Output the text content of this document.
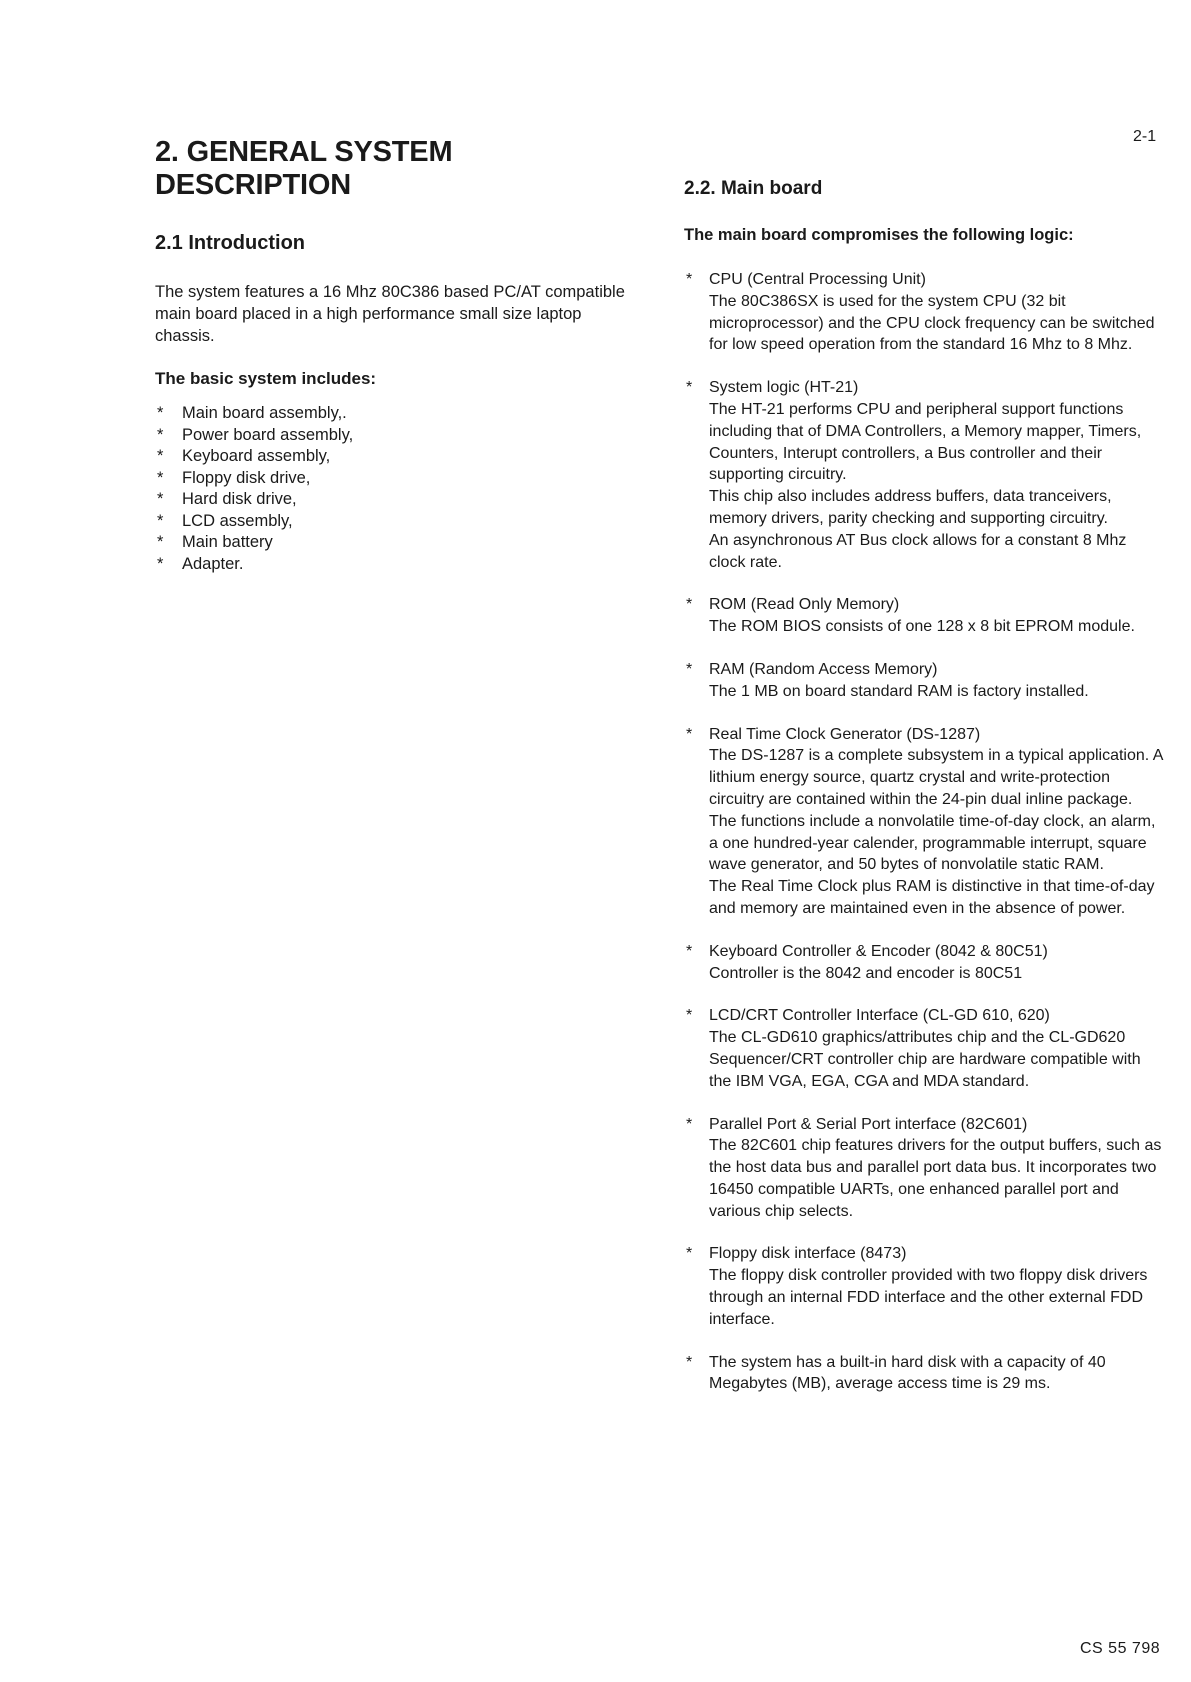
2-1
2. GENERAL SYSTEM DESCRIPTION
2.1 Introduction

The system features a 16 Mhz 80C386 based PC/AT compatible main board placed in a high performance small size laptop chassis.

The basic system includes:
* Main board assembly,.
* Power board assembly,
* Keyboard assembly,
* Floppy disk drive,
* Hard disk drive,
* LCD assembly,
* Main battery
* Adapter.
2.2. Main board
The main board compromises the following logic:
* CPU (Central Processing Unit)
The 80C386SX is used for the system CPU (32 bit microprocessor) and the CPU clock frequency can be switched for low speed operation from the standard 16 Mhz to 8 Mhz.
* System logic (HT-21)
The HT-21 performs CPU and peripheral support functions including that of DMA Controllers, a Memory mapper, Timers, Counters, Interupt controllers, a Bus controller and their supporting circuitry.
This chip also includes address buffers, data tranceivers, memory drivers, parity checking and supporting circuitry.
An asynchronous AT Bus clock allows for a constant 8 Mhz clock rate.
* ROM (Read Only Memory)
The ROM BIOS consists of one 128 x 8 bit EPROM module.
* RAM (Random Access Memory)
The 1 MB on board standard RAM is factory installed.
* Real Time Clock Generator (DS-1287)
The DS-1287 is a complete subsystem in a typical application. A lithium energy source, quartz crystal and write-protection circuitry are contained within the 24-pin dual inline package.
The functions include a nonvolatile time-of-day clock, an alarm, a one hundred-year calender, programmable interrupt, square wave generator, and 50 bytes of nonvolatile static RAM.
The Real Time Clock plus RAM is distinctive in that time-of-day and memory are maintained even in the absence of power.
* Keyboard Controller & Encoder (8042 & 80C51)
Controller is the 8042 and encoder is 80C51
* LCD/CRT Controller Interface (CL-GD 610, 620)
The CL-GD610 graphics/attributes chip and the CL-GD620 Sequencer/CRT controller chip are hardware compatible with the IBM VGA, EGA, CGA and MDA standard.
* Parallel Port & Serial Port interface (82C601)
The 82C601 chip features drivers for the output buffers, such as the host data bus and parallel port data bus. It incorporates two 16450 compatible UARTs, one enhanced parallel port and various chip selects.
* Floppy disk interface (8473)
The floppy disk controller provided with two floppy disk drivers through an internal FDD interface and the other external FDD interface.
* The system has a built-in hard disk with a capacity of 40 Megabytes (MB), average access time is 29 ms.
CS 55 798
